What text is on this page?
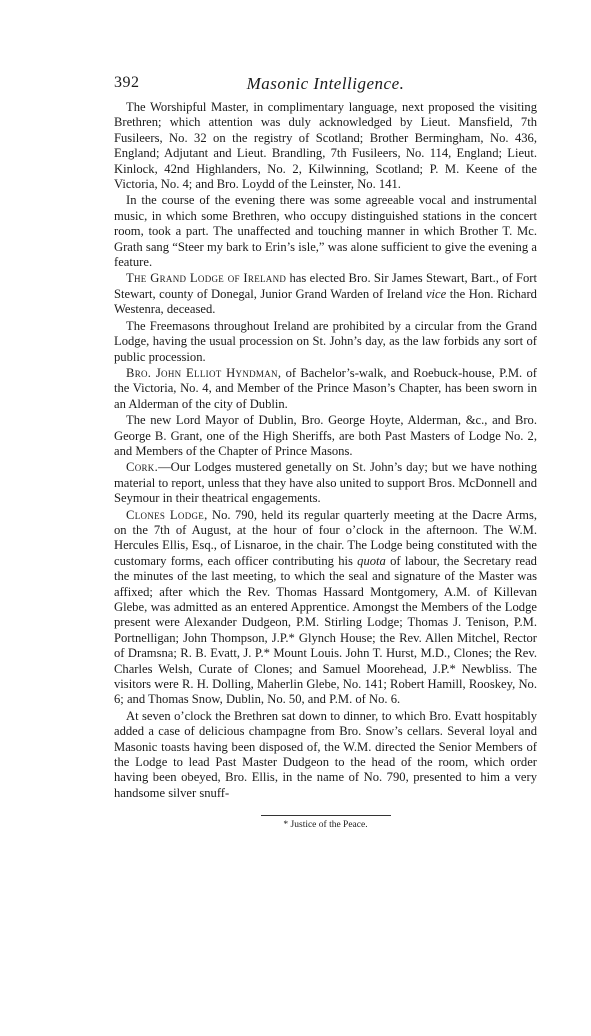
392	Masonic Intelligence.

The Worshipful Master, in complimentary language, next proposed the visiting Brethren; which attention was duly acknowledged by Lieut. Mansfield, 7th Fusileers, No. 32 on the registry of Scotland; Brother Bermingham, No. 436, England; Adjutant and Lieut. Brandling, 7th Fusileers, No. 114, England; Lieut. Kinlock, 42nd Highlanders, No. 2, Kilwinning, Scotland; P. M. Keene of the Victoria, No. 4; and Bro. Loydd of the Leinster, No. 141.

In the course of the evening there was some agreeable vocal and instrumental music, in which some Brethren, who occupy distinguished stations in the concert room, took a part. The unaffected and touching manner in which Brother T. Mc. Grath sang “Steer my bark to Erin’s isle,” was alone sufficient to give the evening a feature.

The Grand Lodge of Ireland has elected Bro. Sir James Stewart, Bart., of Fort Stewart, county of Donegal, Junior Grand Warden of Ireland vice the Hon. Richard Westenra, deceased.

The Freemasons throughout Ireland are prohibited by a circular from the Grand Lodge, having the usual procession on St. John’s day, as the law forbids any sort of public procession.

Bro. John Elliot Hyndman, of Bachelor’s-walk, and Roebuck-house, P.M. of the Victoria, No. 4, and Member of the Prince Mason’s Chapter, has been sworn in an Alderman of the city of Dublin.

The new Lord Mayor of Dublin, Bro. George Hoyte, Alderman, &c., and Bro. George B. Grant, one of the High Sheriffs, are both Past Masters of Lodge No. 2, and Members of the Chapter of Prince Masons.

Cork.—Our Lodges mustered genetally on St. John’s day; but we have nothing material to report, unless that they have also united to support Bros. McDonnell and Seymour in their theatrical engagements.

Clones Lodge, No. 790, held its regular quarterly meeting at the Dacre Arms, on the 7th of August, at the hour of four o’clock in the afternoon. The W.M. Hercules Ellis, Esq., of Lisnaroe, in the chair. The Lodge being constituted with the customary forms, each officer contributing his quota of labour, the Secretary read the minutes of the last meeting, to which the seal and signature of the Master was affixed; after which the Rev. Thomas Hassard Montgomery, A.M. of Killevan Glebe, was admitted as an entered Apprentice. Amongst the Members of the Lodge present were Alexander Dudgeon, P.M. Stirling Lodge; Thomas J. Tenison, P.M. Portnelligan; John Thompson, J.P.* Glynch House; the Rev. Allen Mitchel, Rector of Dramsna; R. B. Evatt, J. P.* Mount Louis. John T. Hurst, M.D., Clones; the Rev. Charles Welsh, Curate of Clones; and Samuel Moorehead, J.P.* Newbliss. The visitors were R. H. Dolling, Maherlin Glebe, No. 141; Robert Hamill, Rooskey, No. 6; and Thomas Snow, Dublin, No. 50, and P.M. of No. 6.

At seven o’clock the Brethren sat down to dinner, to which Bro. Evatt hospitably added a case of delicious champagne from Bro. Snow’s cellars. Several loyal and Masonic toasts having been disposed of, the W.M. directed the Senior Members of the Lodge to lead Past Master Dudgeon to the head of the room, which order having been obeyed, Bro. Ellis, in the name of No. 790, presented to him a very handsome silver snuff-

* Justice of the Peace.
